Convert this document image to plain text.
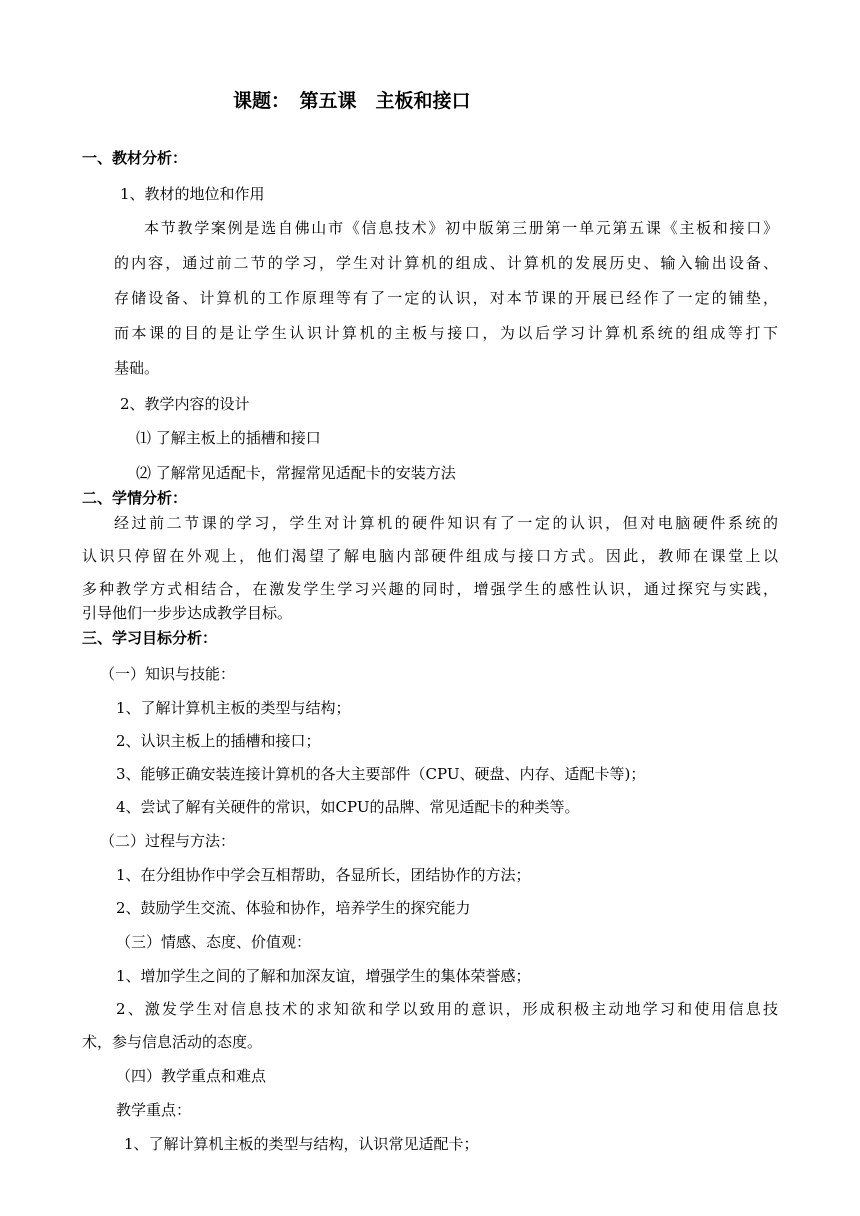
课题：　第五课　主板和接口
一、教材分析：
1、教材的地位和作用
本节教学案例是选自佛山市《信息技术》初中版第三册第一单元第五课《主板和接口》
的内容，通过前二节的学习，学生对计算机的组成、计算机的发展历史、输入输出设备、
存储设备、计算机的工作原理等有了一定的认识，对本节课的开展已经作了一定的铺垫，
而本课的目的是让学生认识计算机的主板与接口，为以后学习计算机系统的组成等打下
基础。
2、教学内容的设计
⑴ 了解主板上的插槽和接口
⑵ 了解常见适配卡，常握常见适配卡的安装方法
二、学情分析：
经过前二节课的学习，学生对计算机的硬件知识有了一定的认识，但对电脑硬件系统的
认识只停留在外观上，他们渴望了解电脑内部硬件组成与接口方式。因此，教师在课堂上以
多种教学方式相结合，在激发学生学习兴趣的同时，增强学生的感性认识，通过探究与实践，
引导他们一步步达成教学目标。
三、学习目标分析：
（一）知识与技能：
1、了解计算机主板的类型与结构；
2、认识主板上的插槽和接口；
3、能够正确安装连接计算机的各大主要部件（CPU、硬盘、内存、适配卡等)；
4、尝试了解有关硬件的常识，如CPU的品牌、常见适配卡的种类等。
（二）过程与方法：
1、在分组协作中学会互相帮助，各显所长，团结协作的方法；
2、鼓励学生交流、体验和协作，培养学生的探究能力
（三）情感、态度、价值观：
1、增加学生之间的了解和加深友谊，增强学生的集体荣誉感；
2、激发学生对信息技术的求知欲和学以致用的意识，形成积极主动地学习和使用信息技
术，参与信息活动的态度。
（四）教学重点和难点
教学重点：
1、了解计算机主板的类型与结构，认识常见适配卡；
